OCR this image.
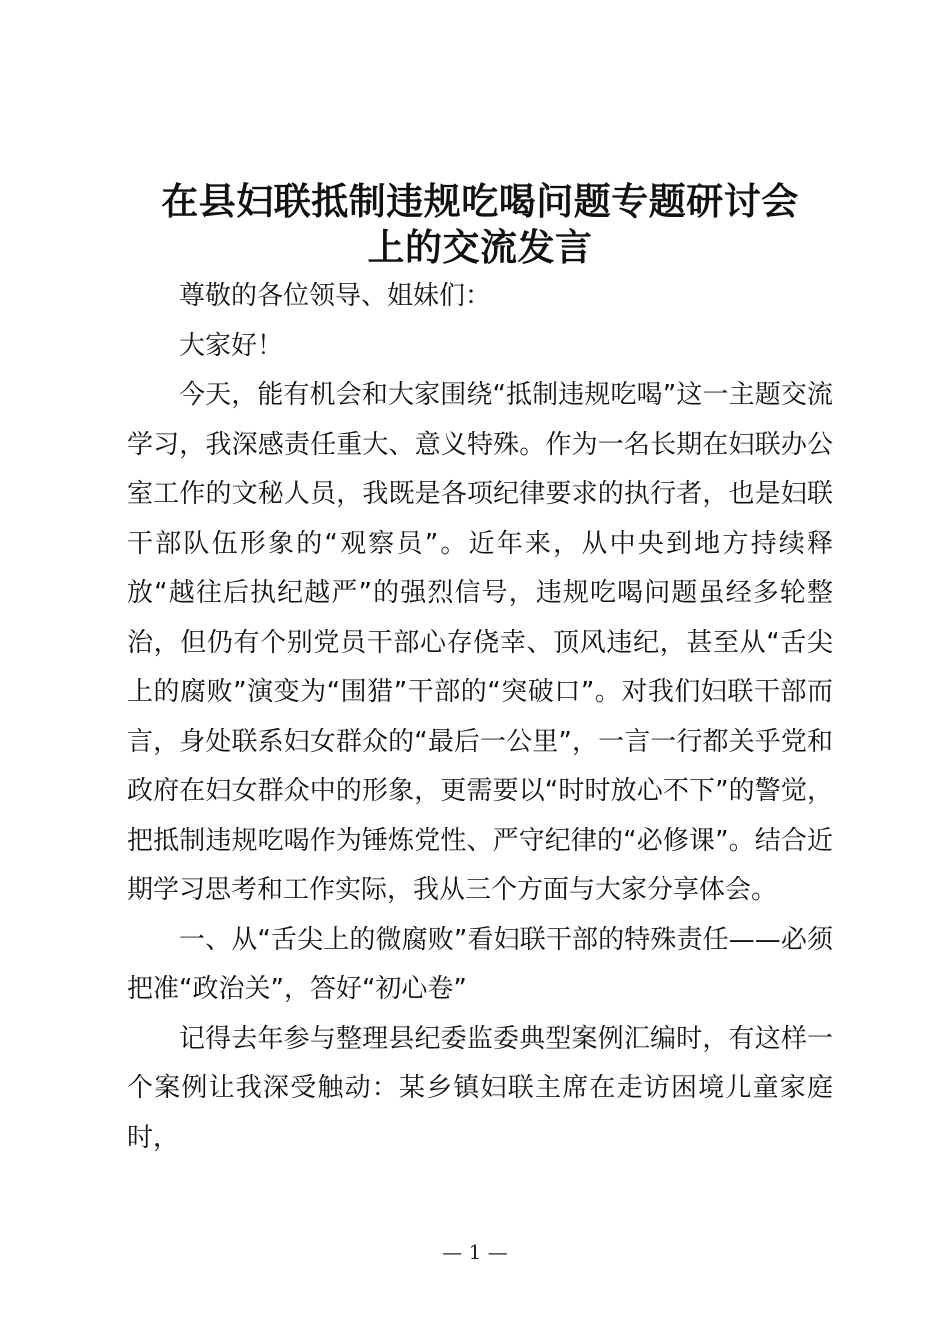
在县妇联抵制违规吃喝问题专题研讨会
上的交流发言

尊敬的各位领导、姐妹们：

大家好！

今天，能有机会和大家围绕“抵制违规吃喝”这一主题交流学习，我深感责任重大、意义特殊。作为一名长期在妇联办公室工作的文秘人员，我既是各项纪律要求的执行者，也是妇联干部队伍形象的“观察员”。近年来，从中央到地方持续释放“越往后执纪越严”的强烈信号，违规吃喝问题虽经多轮整治，但仍有个别党员干部心存侥幸、顶风违纪，甚至从“舌尖上的腐败”演变为“围猎”干部的“突破口”。对我们妇联干部而言，身处联系妇女群众的“最后一公里”，一言一行都关乎党和政府在妇女群众中的形象，更需要以“时时放心不下”的警觉，把抵制违规吃喝作为锤炼党性、严守纪律的“必修课”。结合近期学习思考和工作实际，我从三个方面与大家分享体会。

一、从“舌尖上的微腐败”看妇联干部的特殊责任——必须把准“政治关”，答好“初心卷”

记得去年参与整理县纪委监委典型案例汇编时，有这样一个案例让我深受触动：某乡镇妇联主席在走访困境儿童家庭时，

— 1 —
